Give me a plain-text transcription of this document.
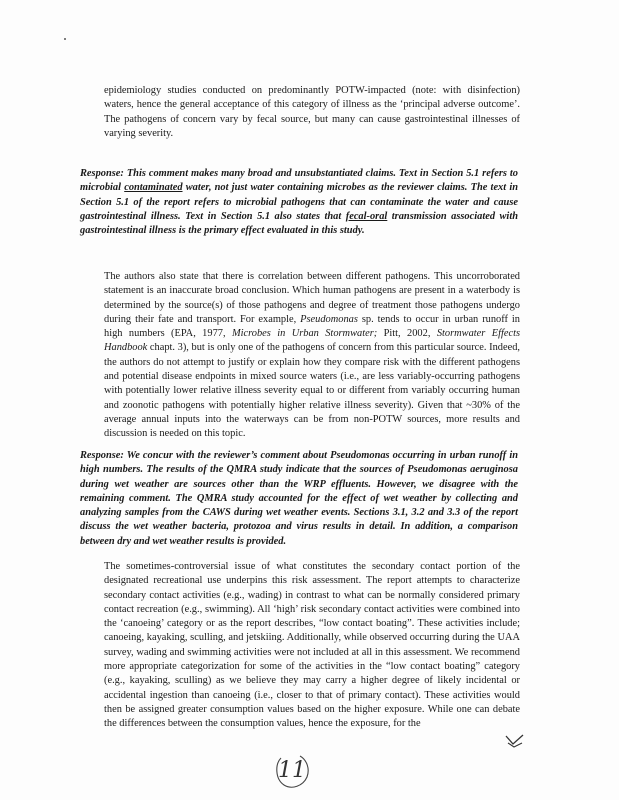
epidemiology studies conducted on predominantly POTW-impacted (note: with disinfection) waters, hence the general acceptance of this category of illness as the ‘principal adverse outcome’. The pathogens of concern vary by fecal source, but many can cause gastrointestinal illnesses of varying severity.

Response: This comment makes many broad and unsubstantiated claims. Text in Section 5.1 refers to microbial contaminated water, not just water containing microbes as the reviewer claims. The text in Section 5.1 of the report refers to microbial pathogens that can contaminate the water and cause gastrointestinal illness. Text in Section 5.1 also states that fecal-oral transmission associated with gastrointestinal illness is the primary effect evaluated in this study.

The authors also state that there is correlation between different pathogens. This uncorroborated statement is an inaccurate broad conclusion. Which human pathogens are present in a waterbody is determined by the source(s) of those pathogens and degree of treatment those pathogens undergo during their fate and transport. For example, Pseudomonas sp. tends to occur in urban runoff in high numbers (EPA, 1977, Microbes in Urban Stormwater; Pitt, 2002, Stormwater Effects Handbook chapt. 3), but is only one of the pathogens of concern from this particular source. Indeed, the authors do not attempt to justify or explain how they compare risk with the different pathogens and potential disease endpoints in mixed source waters (i.e., are less variably-occurring pathogens with potentially lower relative illness severity equal to or different from variably occurring human and zoonotic pathogens with potentially higher relative illness severity). Given that ~30% of the average annual inputs into the waterways can be from non-POTW sources, more results and discussion is needed on this topic.

Response: We concur with the reviewer’s comment about Pseudomonas occurring in urban runoff in high numbers. The results of the QMRA study indicate that the sources of Pseudomonas aeruginosa during wet weather are sources other than the WRP effluents. However, we disagree with the remaining comment. The QMRA study accounted for the effect of wet weather by collecting and analyzing samples from the CAWS during wet weather events. Sections 3.1, 3.2 and 3.3 of the report discuss the wet weather bacteria, protozoa and virus results in detail. In addition, a comparison between dry and wet weather results is provided.

The sometimes-controversial issue of what constitutes the secondary contact portion of the designated recreational use underpins this risk assessment. The report attempts to characterize secondary contact activities (e.g., wading) in contrast to what can be normally considered primary contact recreation (e.g., swimming). All ‘high’ risk secondary contact activities were combined into the ‘canoeing’ category or as the report describes, “low contact boating”. These activities include; canoeing, kayaking, sculling, and jetskiing. Additionally, while observed occurring during the UAA survey, wading and swimming activities were not included at all in this assessment. We recommend more appropriate categorization for some of the activities in the “low contact boating” category (e.g., kayaking, sculling) as we believe they may carry a higher degree of likely incidental or accidental ingestion than canoeing (i.e., closer to that of primary contact). These activities would then be assigned greater consumption values based on the higher exposure. While one can debate the differences between the consumption values, hence the exposure, for the

11
